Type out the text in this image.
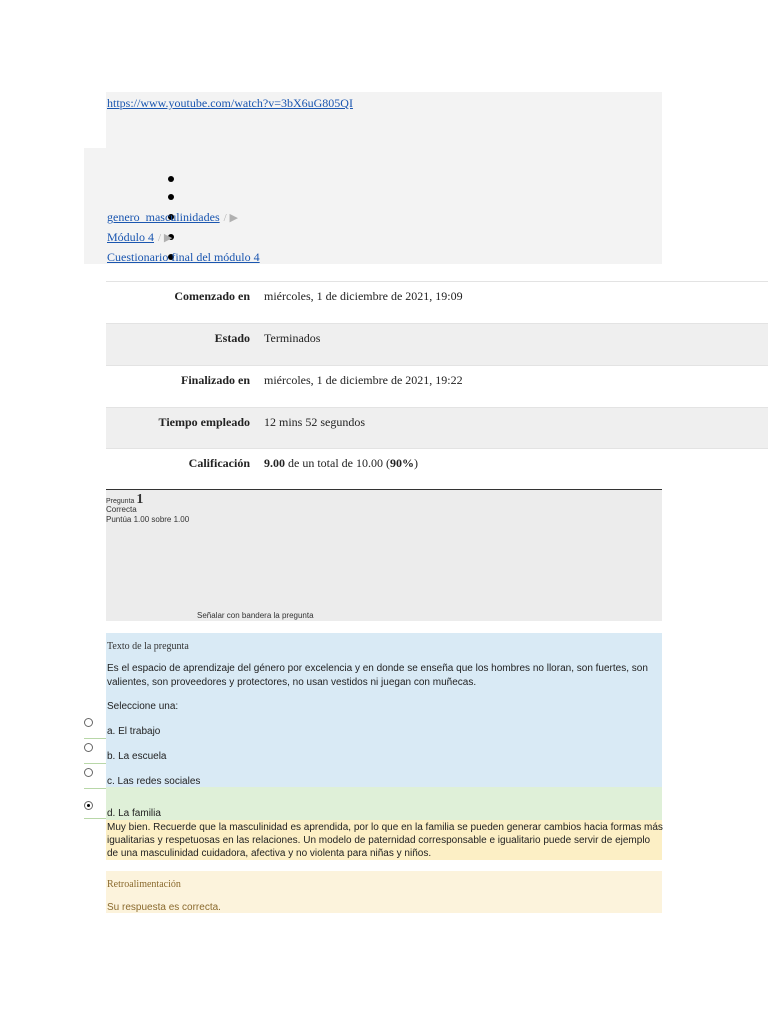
https://www.youtube.com/watch?v=3bX6uG805QI
genero_masculinidades / ▶
Módulo 4 / ▶
Cuestionario final del módulo 4
Comenzado en miércoles, 1 de diciembre de 2021, 19:09
Estado Terminados
Finalizado en miércoles, 1 de diciembre de 2021, 19:22
Tiempo empleado 12 mins 52 segundos
Calificación 9.00 de un total de 10.00 (90%)
Pregunta 1
Correcta
Puntúa 1.00 sobre 1.00
Señalar con bandera la pregunta
Texto de la pregunta
Es el espacio de aprendizaje del género por excelencia y en donde se enseña que los hombres no lloran, son fuertes, son valientes, son proveedores y protectores, no usan vestidos ni juegan con muñecas.
Seleccione una:
a. El trabajo
b. La escuela
c. Las redes sociales
d. La familia
Muy bien. Recuerde que la masculinidad es aprendida, por lo que en la familia se pueden generar cambios hacia formas más igualitarias y respetuosas en las relaciones. Un modelo de paternidad corresponsable e igualitario puede servir de ejemplo de una masculinidad cuidadora, afectiva y no violenta para niñas y niños.
Retroalimentación
Su respuesta es correcta.
